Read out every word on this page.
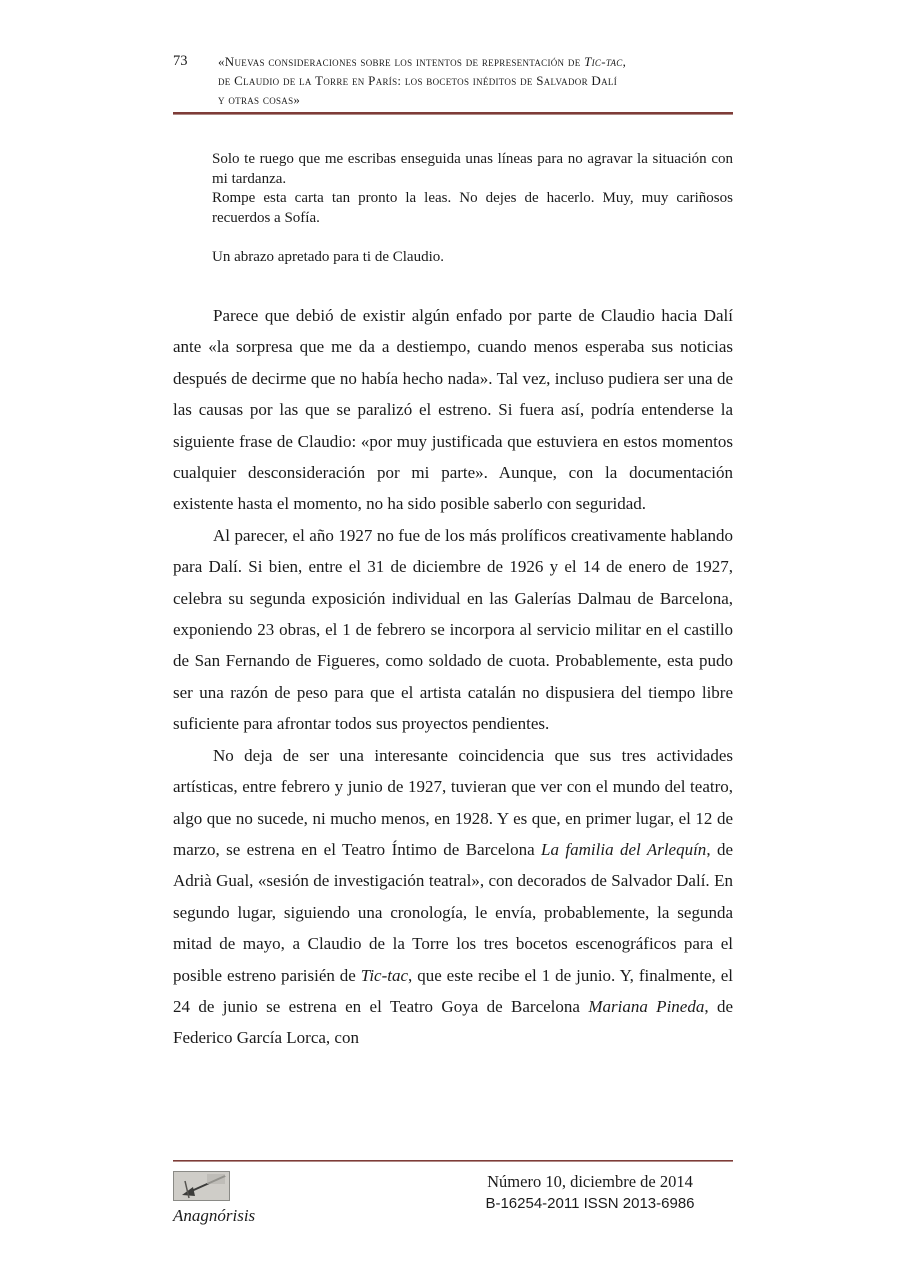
73	«Nuevas consideraciones sobre los intentos de representación de Tic-tac,
de Claudio de la Torre en París: los bocetos inéditos de Salvador Dalí
y otras cosas»

Solo te ruego que me escribas enseguida unas líneas para no agravar la situación con mi tardanza.

Rompe esta carta tan pronto la leas. No dejes de hacerlo. Muy, muy cariñosos recuerdos a Sofía.

Un abrazo apretado para ti de Claudio.

Parece que debió de existir algún enfado por parte de Claudio hacia Dalí ante «la sorpresa que me da a destiempo, cuando menos esperaba sus noticias después de decirme que no había hecho nada». Tal vez, incluso pudiera ser una de las causas por las que se paralizó el estreno. Si fuera así, podría entenderse la siguiente frase de Claudio: «por muy justificada que estuviera en estos momentos cualquier desconsideración por mi parte». Aunque, con la documentación existente hasta el momento, no ha sido posible saberlo con seguridad.

Al parecer, el año 1927 no fue de los más prolíficos creativamente hablando para Dalí. Si bien, entre el 31 de diciembre de 1926 y el 14 de enero de 1927, celebra su segunda exposición individual en las Galerías Dalmau de Barcelona, exponiendo 23 obras, el 1 de febrero se incorpora al servicio militar en el castillo de San Fernando de Figueres, como soldado de cuota. Probablemente, esta pudo ser una razón de peso para que el artista catalán no dispusiera del tiempo libre suficiente para afrontar todos sus proyectos pendientes.

No deja de ser una interesante coincidencia que sus tres actividades artísticas, entre febrero y junio de 1927, tuvieran que ver con el mundo del teatro, algo que no sucede, ni mucho menos, en 1928. Y es que, en primer lugar, el 12 de marzo, se estrena en el Teatro Íntimo de Barcelona La familia del Arlequín, de Adrià Gual, «sesión de investigación teatral», con decorados de Salvador Dalí. En segundo lugar, siguiendo una cronología, le envía, probablemente, la segunda mitad de mayo, a Claudio de la Torre los tres bocetos escenográficos para el posible estreno parisién de Tic-tac, que este recibe el 1 de junio. Y, finalmente, el 24 de junio se estrena en el Teatro Goya de Barcelona Mariana Pineda, de Federico García Lorca, con

Anagnórisis
Número 10, diciembre de 2014
B-16254-2011 ISSN 2013-6986
